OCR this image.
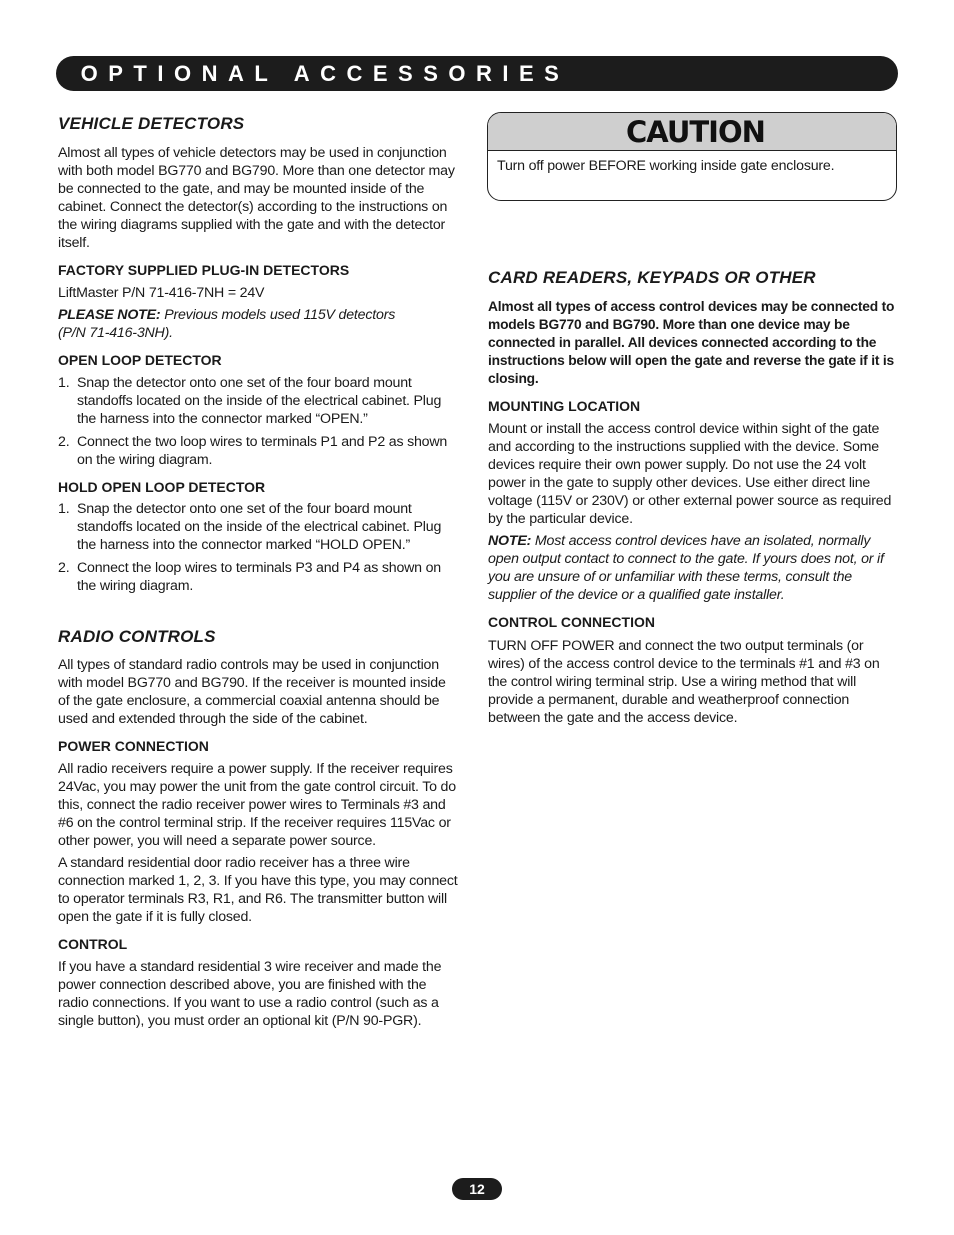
OPTIONAL ACCESSORIES
VEHICLE DETECTORS

Almost all types of vehicle detectors may be used in conjunction with both model BG770 and BG790. More than one detector may be connected to the gate, and may be mounted inside of the cabinet. Connect the detector(s) according to the instructions on the wiring diagrams supplied with the gate and with the detector itself.

FACTORY SUPPLIED PLUG-IN DETECTORS

LiftMaster P/N 71-416-7NH = 24V

PLEASE NOTE: Previous models used 115V detectors
(P/N 71-416-3NH).

OPEN LOOP DETECTOR

1. Snap the detector onto one set of the four board mount standoffs located on the inside of the electrical cabinet. Plug the harness into the connector marked “OPEN.”
2. Connect the two loop wires to terminals P1 and P2 as shown on the wiring diagram.

HOLD OPEN LOOP DETECTOR

1. Snap the detector onto one set of the four board mount standoffs located on the inside of the electrical cabinet. Plug the harness into the connector marked “HOLD OPEN.”
2. Connect the loop wires to terminals P3 and P4 as shown on the wiring diagram.
RADIO CONTROLS

All types of standard radio controls may be used in conjunction with model BG770 and BG790. If the receiver is mounted inside of the gate enclosure, a commercial coaxial antenna should be used and extended through the side of the cabinet.

POWER CONNECTION

All radio receivers require a power supply. If the receiver requires 24Vac, you may power the unit from the gate control circuit. To do this, connect the radio receiver power wires to Terminals #3 and #6 on the control terminal strip. If the receiver requires 115Vac or other power, you will need a separate power source.

A standard residential door radio receiver has a three wire connection marked 1, 2, 3. If you have this type, you may connect to operator terminals R3, R1, and R6. The transmitter button will open the gate if it is fully closed.

CONTROL

If you have a standard residential 3 wire receiver and made the power connection described above, you are finished with the radio connections. If you want to use a radio control (such as a single button), you must order an optional kit (P/N 90-PGR).

CAUTION

Turn off power BEFORE working inside gate enclosure.

CARD READERS, KEYPADS OR OTHER

Almost all types of access control devices may be connected to models BG770 and BG790. More than one device may be connected in parallel. All devices connected according to the instructions below will open the gate and reverse the gate if it is closing.

MOUNTING LOCATION

Mount or install the access control device within sight of the gate and according to the instructions supplied with the device. Some devices require their own power supply. Do not use the 24 volt power in the gate to supply other devices. Use either direct line voltage (115V or 230V) or other external power source as required by the particular device.

NOTE: Most access control devices have an isolated, normally open output contact to connect to the gate. If yours does not, or if you are unsure of or unfamiliar with these terms, consult the supplier of the device or a qualified gate installer.

CONTROL CONNECTION

TURN OFF POWER and connect the two output terminals (or wires) of the access control device to the terminals #1 and #3 on the control wiring terminal strip. Use a wiring method that will provide a permanent, durable and weatherproof connection between the gate and the access device.

12
